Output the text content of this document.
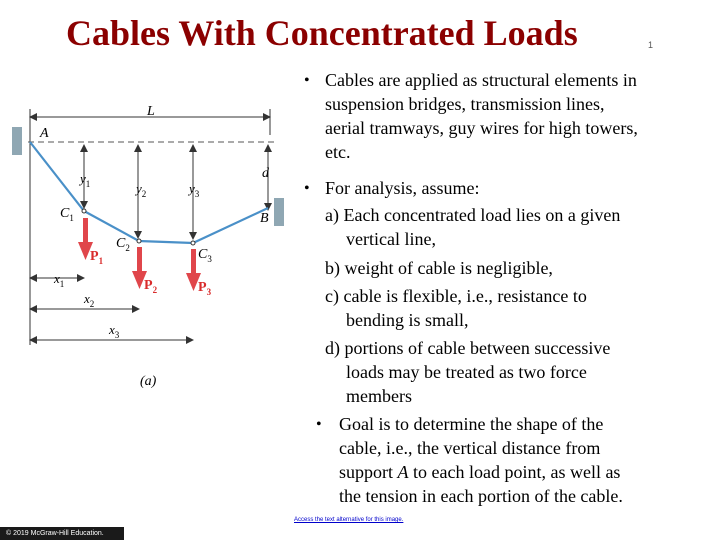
Cables With Concentrated Loads	1
L
A
d
$y_1$	$y_2$	$y_3$
$C_1$
$C_2$	$C_3$
B
$P_1$
$P_2$	$P_3$
$x_1$
$x_2$
$x_3$
(a)
• Cables are applied as structural elements in
suspension bridges, transmission lines,
aerial tramways, guy wires for high towers,
etc.
• For analysis, assume:
a) Each concentrated load lies on a given
vertical line,
b) weight of cable is negligible,
c) cable is flexible, i.e., resistance to
bending is small,
d) portions of cable between successive
loads may be treated as two force
members
• Goal is to determine the shape of the
cable, i.e., the vertical distance from
support A to each load point, as well as
the tension in each portion of the cable.
Access the text alternative for this image.
© 2019 McGraw-Hill Education.
